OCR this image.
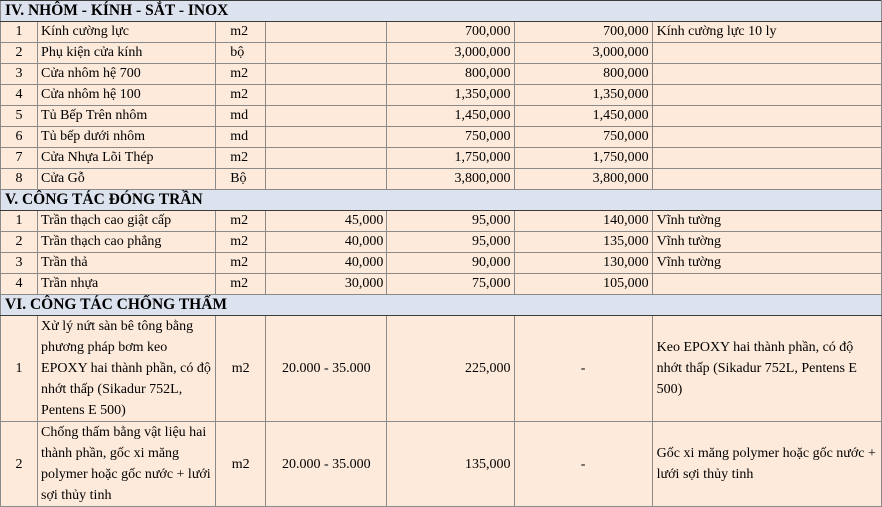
IV. NHÔM - KÍNH - SẮT - INOX						
1	Kính cường lực	m2		700,000	700,000	Kính cường lực 10 ly
2	Phụ kiện cửa kính	bộ		3,000,000	3,000,000	
3	Cửa nhôm hệ 700	m2		800,000	800,000	
4	Cửa nhôm hệ 100	m2		1,350,000	1,350,000	
5	Tủ Bếp Trên nhôm	md		1,450,000	1,450,000	
6	Tủ bếp dưới nhôm	md		750,000	750,000	
7	Cửa Nhựa Lõi Thép	m2		1,750,000	1,750,000	
8	Cửa Gỗ	Bộ		3,800,000	3,800,000	
V. CÔNG TÁC ĐÓNG TRẦN						
1	Trần thạch cao giật cấp	m2	45,000	95,000	140,000	Vĩnh tường
2	Trần thạch cao phẳng	m2	40,000	95,000	135,000	Vĩnh tường
3	Trần thả	m2	40,000	90,000	130,000	Vĩnh tường
4	Trần nhựa	m2	30,000	75,000	105,000	
VI. CÔNG TÁC CHỐNG THẤM						
1	Xử lý nứt sàn bê tông bằng phương pháp bơm keo EPOXY hai thành phần, có độ nhớt thấp (Sikadur 752L, Pentens E 500)	m2	20.000 - 35.000	225,000	-	Keo EPOXY hai thành phần, có độ nhớt thấp (Sikadur 752L, Pentens E 500)
2	Chống thấm bằng vật liệu hai thành phần, gốc xi măng polymer hoặc gốc nước + lưới sợi thủy tinh	m2	20.000 - 35.000	135,000	-	Gốc xi măng polymer hoặc gốc nước + lưới sợi thủy tinh
